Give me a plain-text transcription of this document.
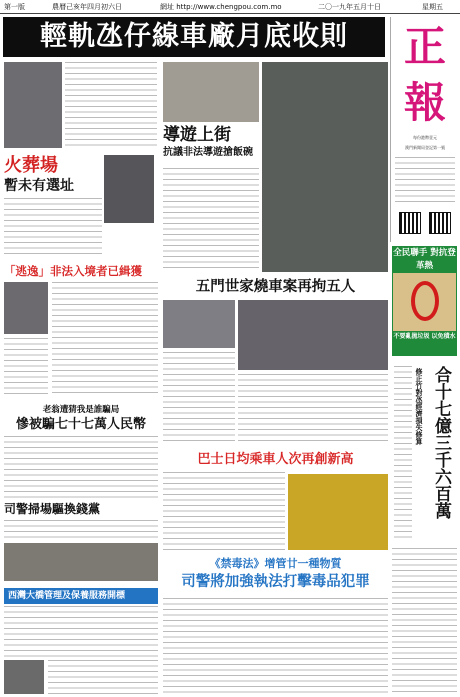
第一版	農曆己亥年四月初六日	網址 http://www.chengpou.com.mo	二〇一九年五月十日	星期五
輕軌氹仔線車廠月底收則	正報
每份港幣壹元
澳門新聞局登記第一號
全民聯手 對抗登革熱
不要亂拋垃圾 以免積水
合十七億三千六百萬
修正竹對氹經濟損失修算
火葬場
暫未有選址
「逃逸」非法入境者已緝獲
老翁遭猜我是誰騙局
慘被騙七十七萬人民幣
司警掃場驅換錢黨
西灣大橋管理及保養服務開標
導遊上街
抗議非法導遊搶飯碗
五門世家燒車案再拘五人
巴士日均乘車人次再創新高
《禁毒法》增管廿一種物質
司警將加強執法打擊毒品犯罪
